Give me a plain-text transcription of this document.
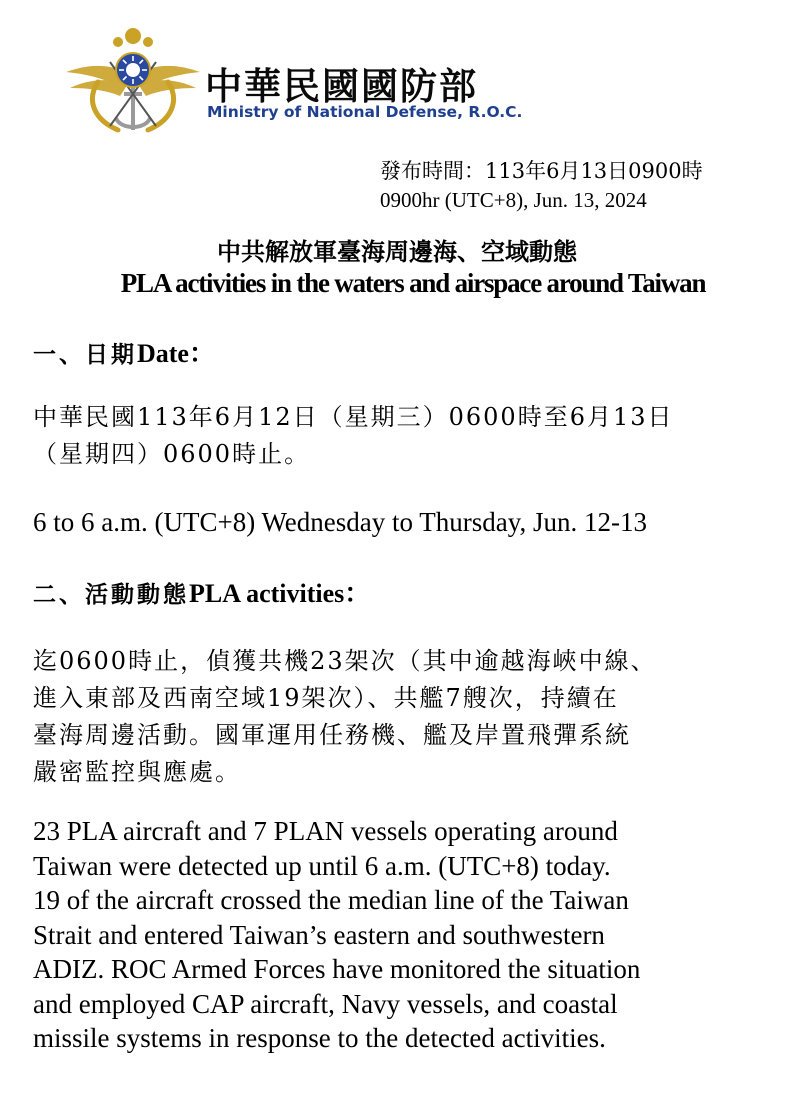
中華民國國防部
Ministry of National Defense, R.O.C.
發布時間：113年6月13日0900時
0900hr (UTC+8), Jun. 13, 2024
中共解放軍臺海周邊海、空域動態
PLA activities in the waters and airspace around Taiwan
一、日期Date：
中華民國113年6月12日（星期三）0600時至6月13日
（星期四）0600時止。
6 to 6 a.m. (UTC+8) Wednesday to Thursday, Jun. 12-13
二、活動動態PLA activities：
迄0600時止，偵獲共機23架次（其中逾越海峽中線、
進入東部及西南空域19架次）、共艦7艘次，持續在
臺海周邊活動。國軍運用任務機、艦及岸置飛彈系統
嚴密監控與應處。
23 PLA aircraft and 7 PLAN vessels operating around
Taiwan were detected up until 6 a.m. (UTC+8) today.
19 of the aircraft crossed the median line of the Taiwan
Strait and entered Taiwan’s eastern and southwestern
ADIZ. ROC Armed Forces have monitored the situation
and employed CAP aircraft, Navy vessels, and coastal
missile systems in response to the detected activities.
